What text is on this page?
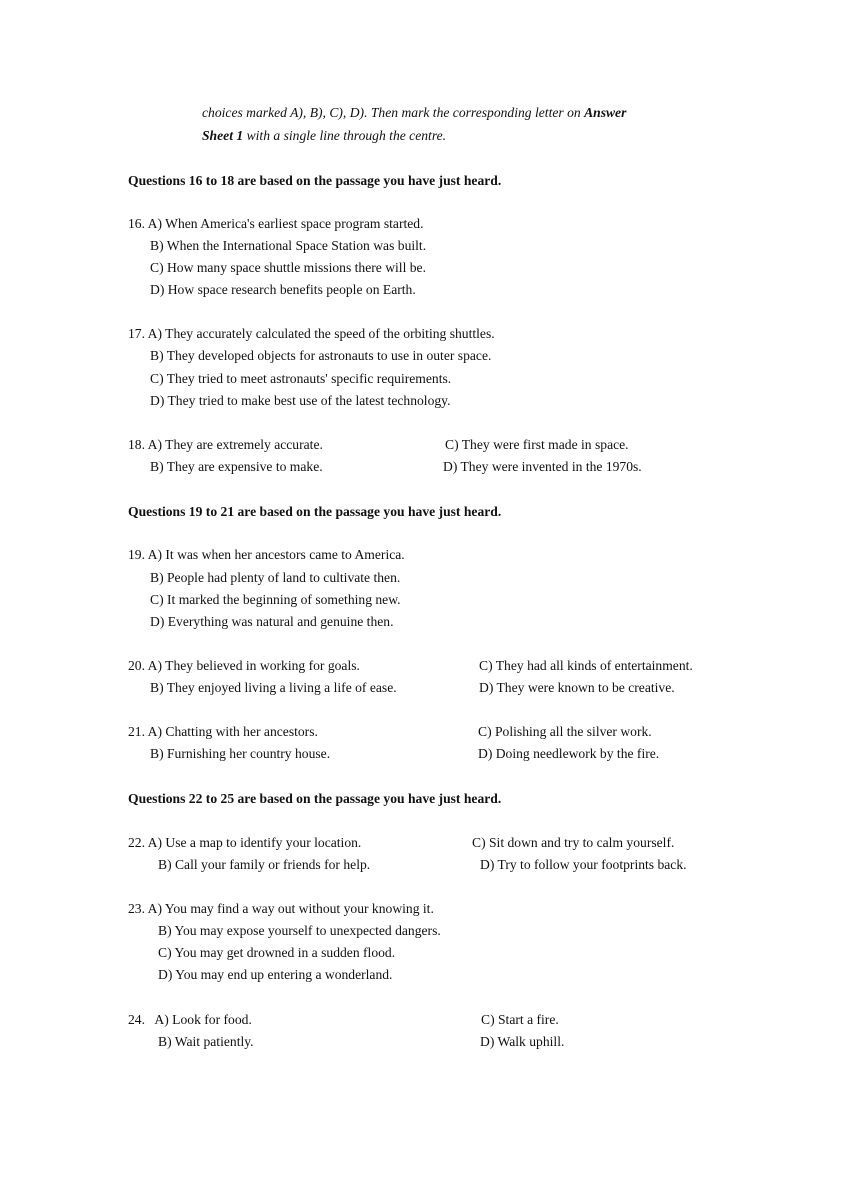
choices marked A), B), C), D). Then mark the corresponding letter on Answer
Sheet 1 with a single line through the centre.
Questions 16 to 18 are based on the passage you have just heard.
16. A) When America's earliest space program started.
B) When the International Space Station was built.
C) How many space shuttle missions there will be.
D) How space research benefits people on Earth.
17. A) They accurately calculated the speed of the orbiting shuttles.
B) They developed objects for astronauts to use in outer space.
C) They tried to meet astronauts' specific requirements.
D) They tried to make best use of the latest technology.
18. A) They are extremely accurate.
B) They are expensive to make.
C) They were first made in space.
D) They were invented in the 1970s.
Questions 19 to 21 are based on the passage you have just heard.
19. A) It was when her ancestors came to America.
B) People had plenty of land to cultivate then.
C) It marked the beginning of something new.
D) Everything was natural and genuine then.
20. A) They believed in working for goals.
B) They enjoyed living a living a life of ease.
C) They had all kinds of entertainment.
D) They were known to be creative.
21. A) Chatting with her ancestors.
B) Furnishing her country house.
C) Polishing all the silver work.
D) Doing needlework by the fire.
Questions 22 to 25 are based on the passage you have just heard.
22. A) Use a map to identify your location.
B) Call your family or friends for help.
C) Sit down and try to calm yourself.
D) Try to follow your footprints back.
23. A) You may find a way out without your knowing it.
B) You may expose yourself to unexpected dangers.
C) You may get drowned in a sudden flood.
D) You may end up entering a wonderland.
24.   A) Look for food.
B) Wait patiently.
C) Start a fire.
D) Walk uphill.
